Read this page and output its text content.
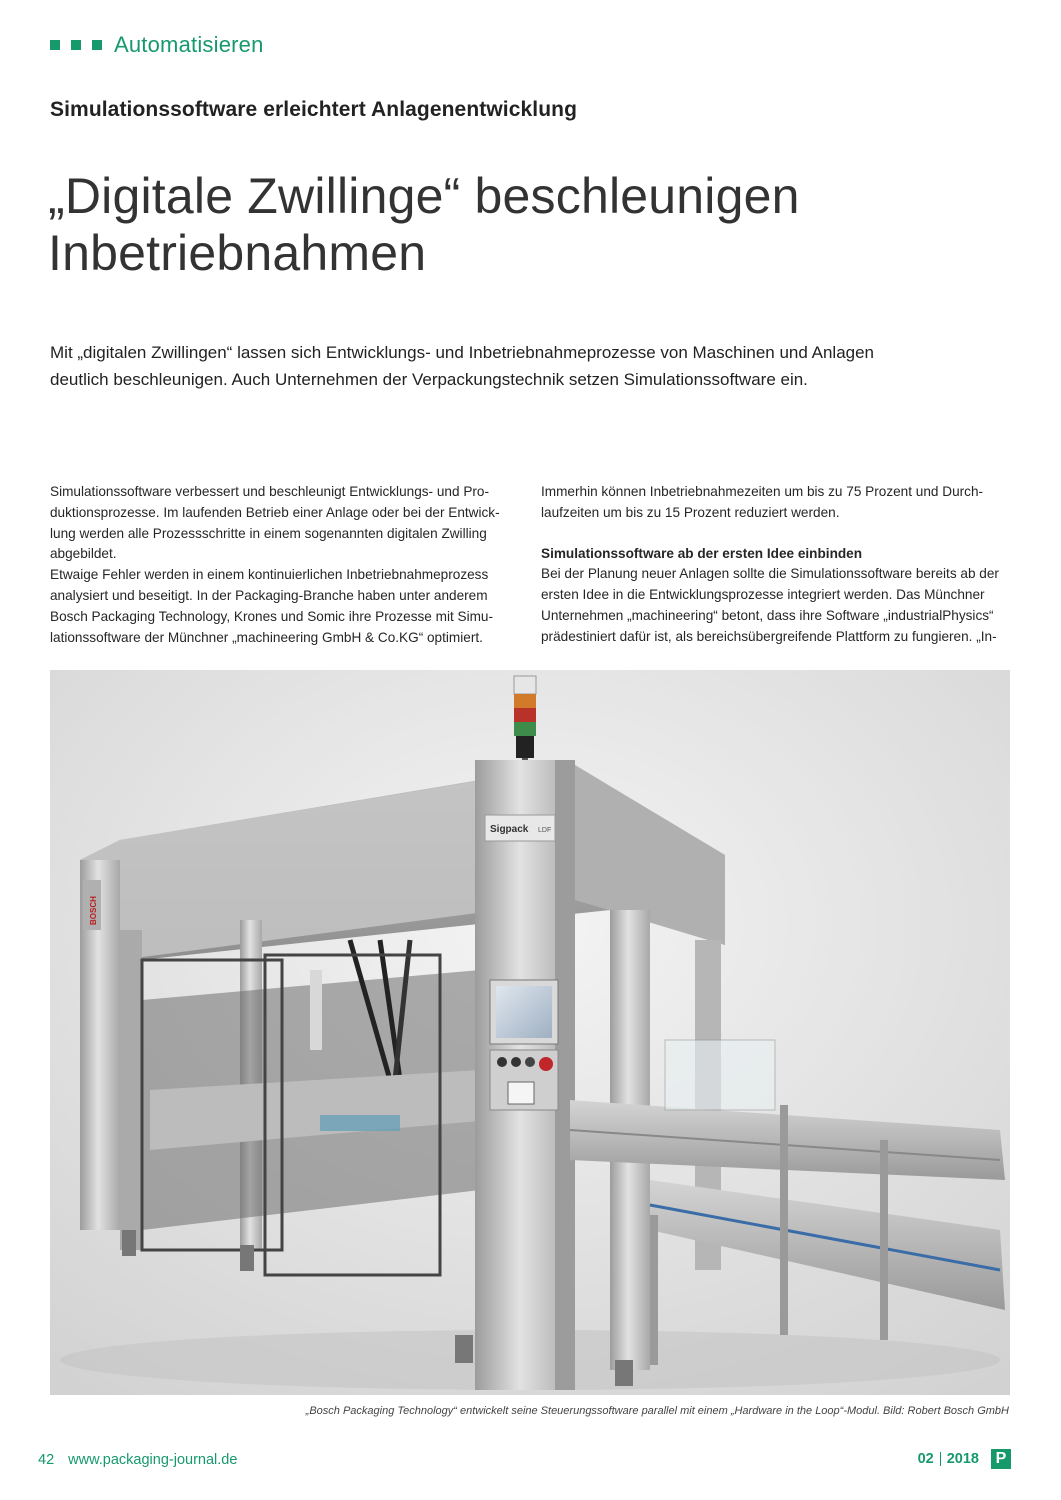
Automatisieren
Simulationssoftware erleichtert Anlagenentwicklung
„Digitale Zwillinge“ beschleunigen
Inbetriebnahmen
Mit „digitalen Zwillingen“ lassen sich Entwicklungs- und Inbetriebnahmeprozesse von Maschinen und Anlagen
deutlich beschleunigen. Auch Unternehmen der Verpackungstechnik setzen Simulationssoftware ein.

Simulationssoftware verbessert und beschleunigt Entwicklungs- und Pro-

duktionsprozesse. Im laufenden Betrieb einer Anlage oder bei der Entwick-

lung werden alle Prozessschritte in einem sogenannten digitalen Zwilling

abgebildet.

Etwaige Fehler werden in einem kontinuierlichen Inbetriebnahmeprozess

analysiert und beseitigt. In der Packaging-Branche haben unter anderem

Bosch Packaging Technology, Krones und Somic ihre Prozesse mit Simu-

lationssoftware der Münchner „machineering GmbH & Co.KG“ optimiert.

Immerhin können Inbetriebnahmezeiten um bis zu 75 Prozent und Durch-

laufzeiten um bis zu 15 Prozent reduziert werden.

Simulationssoftware ab der ersten Idee einbinden

Bei der Planung neuer Anlagen sollte die Simulationssoftware bereits ab der

ersten Idee in die Entwicklungsprozesse integriert werden. Das Münchner

Unternehmen „machineering“ betont, dass ihre Software „industrialPhysics“

prädestiniert dafür ist, als bereichsübergreifende Plattform zu fungieren. „In-

Sigpack LDF
BOSCH
„Bosch Packaging Technology“ entwickelt seine Steuerungssoftware parallel mit einem „Hardware in the Loop“-Modul. Bild: Robert Bosch GmbH
42 www.packaging-journal.de	02 2018 P
